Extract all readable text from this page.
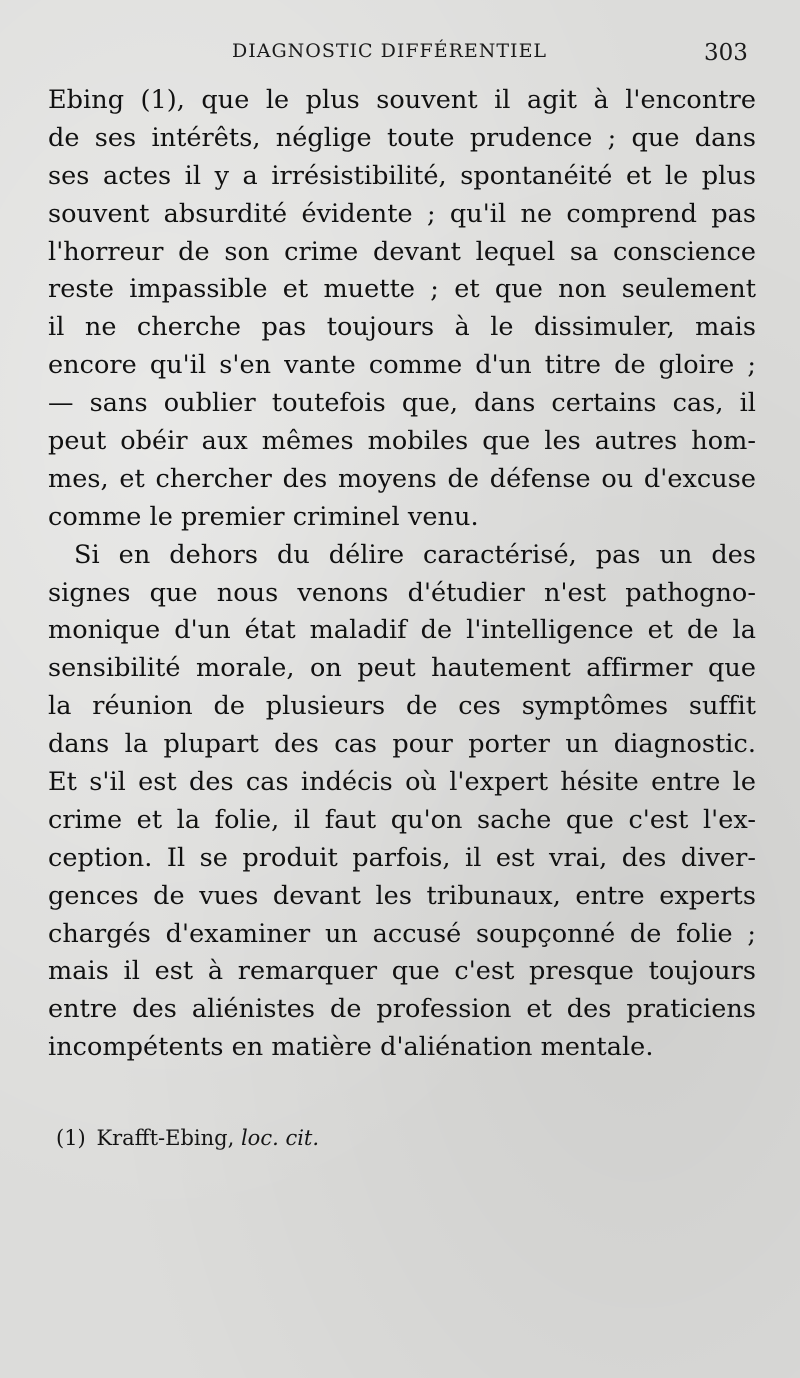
DIAGNOSTIC DIFFÉRENTIEL	303
Ebing (1), que le plus souvent il agit à l'encontre
de ses intérêts, néglige toute prudence ; que dans
ses actes il y a irrésistibilité, spontanéité et le plus
souvent absurdité évidente ; qu'il ne comprend pas
l'horreur de son crime devant lequel sa conscience
reste impassible et muette ; et que non seulement
il ne cherche pas toujours à le dissimuler, mais
encore qu'il s'en vante comme d'un titre de gloire ;
— sans oublier toutefois que, dans certains cas, il
peut obéir aux mêmes mobiles que les autres hom-
mes, et chercher des moyens de défense ou d'excuse
comme le premier criminel venu.
Si en dehors du délire caractérisé, pas un des
signes que nous venons d'étudier n'est pathogno-
monique d'un état maladif de l'intelligence et de la
sensibilité morale, on peut hautement affirmer que
la réunion de plusieurs de ces symptômes suffit
dans la plupart des cas pour porter un diagnostic.
Et s'il est des cas indécis où l'expert hésite entre le
crime et la folie, il faut qu'on sache que c'est l'ex-
ception. Il se produit parfois, il est vrai, des diver-
gences de vues devant les tribunaux, entre experts
chargés d'examiner un accusé soupçonné de folie ;
mais il est à remarquer que c'est presque toujours
entre des aliénistes de profession et des praticiens
incompétents en matière d'aliénation mentale.
(1) Krafft-Ebing, loc. cit.
